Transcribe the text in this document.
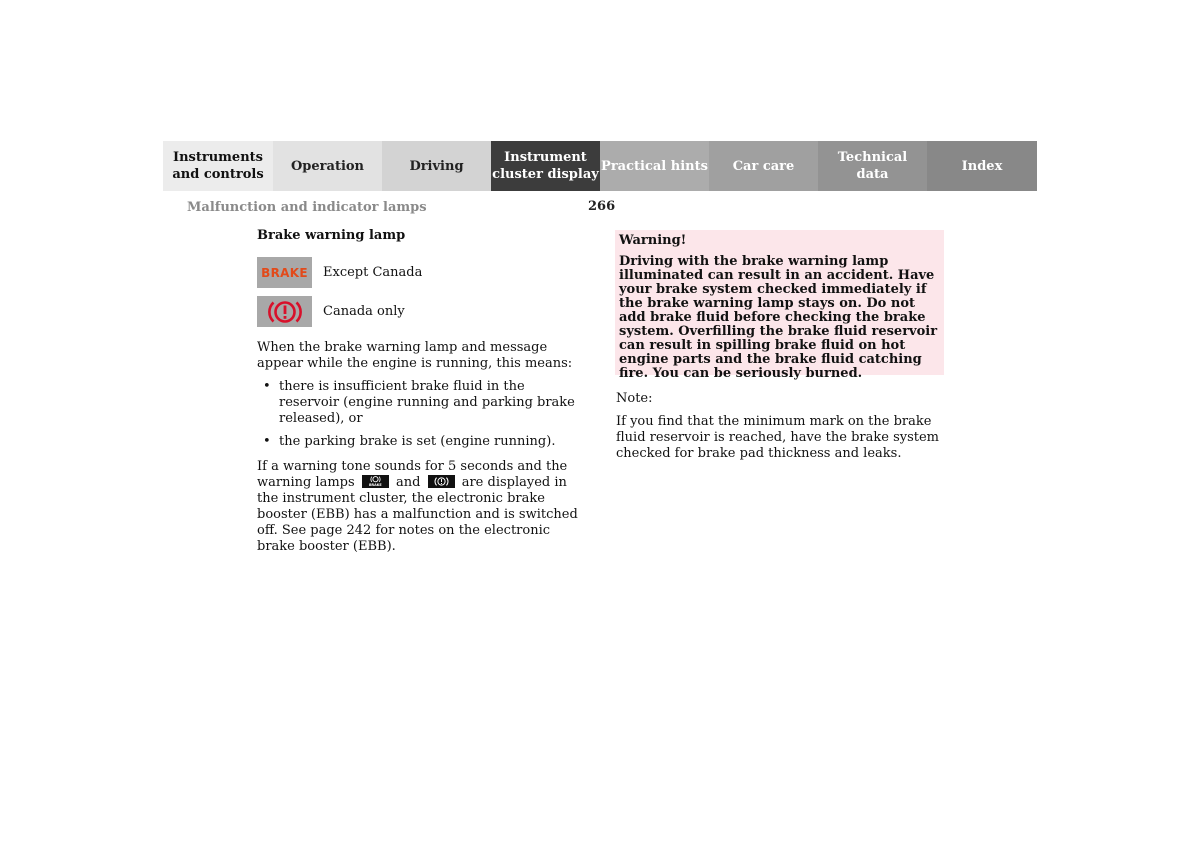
Instruments
and controls
Operation	Driving
Instrument
cluster display
Practical hints	Car care
Technical
data
Index
Malfunction and indicator lamps	266
Brake warning lamp
BRAKE Except Canada
Canada only

When the brake warning lamp and message appear while the engine is running, this means:

• there is insufficient brake fluid in the reservoir (engine running and parking brake released), or
• the parking brake is set (engine running).

If a warning tone sounds for 5 seconds and the warning lamps	BRAKE	and	are displayed in the instrument cluster, the electronic brake booster (EBB) has a malfunction and is switched off. See page 242 for notes on the electronic brake booster (EBB).

Warning!

Driving with the brake warning lamp illuminated can result in an accident. Have your brake system checked immediately if the brake warning lamp stays on. Do not add brake fluid before checking the brake system. Overfilling the brake fluid reservoir can result in spilling brake fluid on hot engine parts and the brake fluid catching fire. You can be seriously burned.

Note:

If you find that the minimum mark on the brake fluid reservoir is reached, have the brake system checked for brake pad thickness and leaks.
